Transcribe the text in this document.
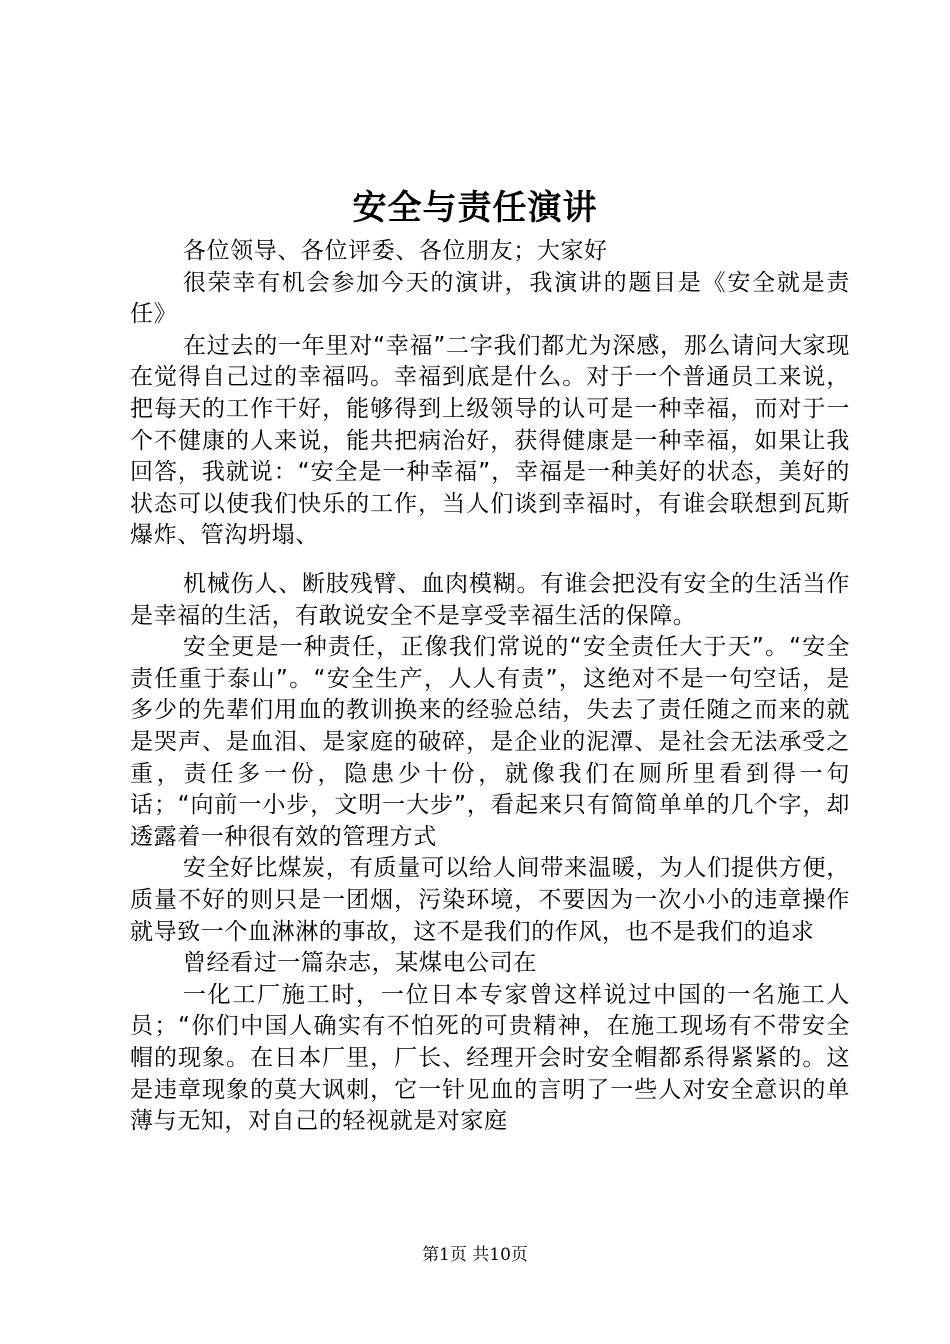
安全与责任演讲

各位领导、各位评委、各位朋友；大家好

很荣幸有机会参加今天的演讲，我演讲的题目是《安全就是责任》

在过去的一年里对“幸福”二字我们都尤为深感，那么请问大家现在觉得自己过的幸福吗。幸福到底是什么。对于一个普通员工来说，把每天的工作干好，能够得到上级领导的认可是一种幸福，而对于一个不健康的人来说，能共把病治好，获得健康是一种幸福，如果让我回答，我就说：“安全是一种幸福”，幸福是一种美好的状态，美好的状态可以使我们快乐的工作，当人们谈到幸福时，有谁会联想到瓦斯爆炸、管沟坍塌、

机械伤人、断肢残臂、血肉模糊。有谁会把没有安全的生活当作是幸福的生活，有敢说安全不是享受幸福生活的保障。

安全更是一种责任，正像我们常说的“安全责任大于天”。“安全责任重于泰山”。“安全生产，人人有责”，这绝对不是一句空话，是多少的先辈们用血的教训换来的经验总结，失去了责任随之而来的就是哭声、是血泪、是家庭的破碎，是企业的泥潭、是社会无法承受之重，责任多一份，隐患少十份，就像我们在厕所里看到得一句话；“向前一小步，文明一大步”，看起来只有简简单单的几个字，却透露着一种很有效的管理方式

安全好比煤炭，有质量可以给人间带来温暖，为人们提供方便，质量不好的则只是一团烟，污染环境，不要因为一次小小的违章操作就导致一个血淋淋的事故，这不是我们的作风，也不是我们的追求

曾经看过一篇杂志，某煤电公司在

一化工厂施工时，一位日本专家曾这样说过中国的一名施工人员；“你们中国人确实有不怕死的可贵精神，在施工现场有不带安全帽的现象。在日本厂里，厂长、经理开会时安全帽都系得紧紧的。这是违章现象的莫大讽刺，它一针见血的言明了一些人对安全意识的单薄与无知，对自己的轻视就是对家庭

第1页 共10页
